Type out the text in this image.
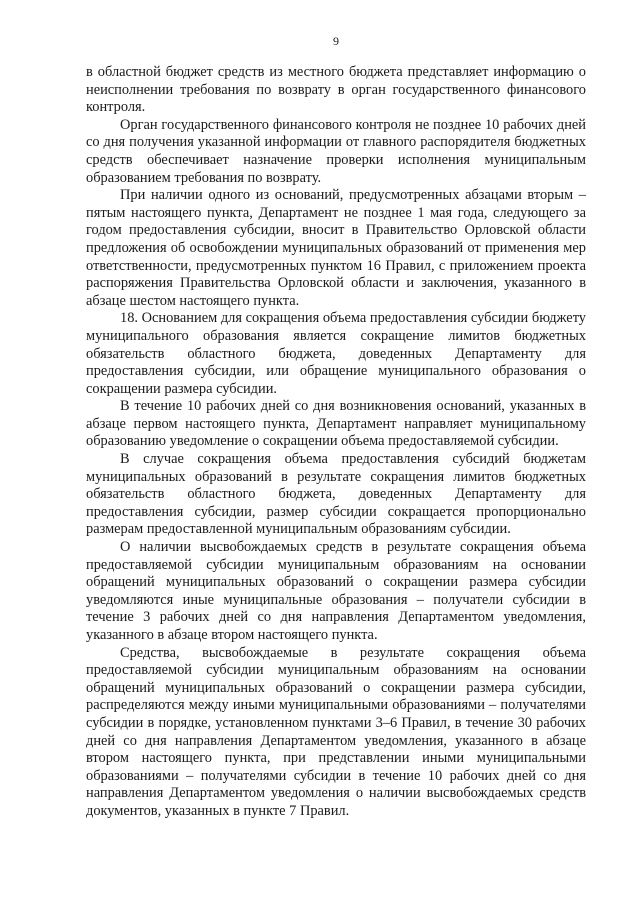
9

в областной бюджет средств из местного бюджета представляет информацию о неисполнении требования по возврату в орган государственного финансового контроля.

Орган государственного финансового контроля не позднее 10 рабочих дней со дня получения указанной информации от главного распорядителя бюджетных средств обеспечивает назначение проверки исполнения муниципальным образованием требования по возврату.

При наличии одного из оснований, предусмотренных абзацами вторым – пятым настоящего пункта, Департамент не позднее 1 мая года, следующего за годом предоставления субсидии, вносит в Правительство Орловской области предложения об освобождении муниципальных образований от применения мер ответственности, предусмотренных пунктом 16 Правил, с приложением проекта распоряжения Правительства Орловской области и заключения, указанного в абзаце шестом настоящего пункта.

18. Основанием для сокращения объема предоставления субсидии бюджету муниципального образования является сокращение лимитов бюджетных обязательств областного бюджета, доведенных Департаменту для предоставления субсидии, или обращение муниципального образования о сокращении размера субсидии.

В течение 10 рабочих дней со дня возникновения оснований, указанных в абзаце первом настоящего пункта, Департамент направляет муниципальному образованию уведомление о сокращении объема предоставляемой субсидии.

В случае сокращения объема предоставления субсидий бюджетам муниципальных образований в результате сокращения лимитов бюджетных обязательств областного бюджета, доведенных Департаменту для предоставления субсидии, размер субсидии сокращается пропорционально размерам предоставленной муниципальным образованиям субсидии.

О наличии высвобождаемых средств в результате сокращения объема предоставляемой субсидии муниципальным образованиям на основании обращений муниципальных образований о сокращении размера субсидии уведомляются иные муниципальные образования – получатели субсидии в течение 3 рабочих дней со дня направления Департаментом уведомления, указанного в абзаце втором настоящего пункта.

Средства, высвобождаемые в результате сокращения объема предоставляемой субсидии муниципальным образованиям на основании обращений муниципальных образований о сокращении размера субсидии, распределяются между иными муниципальными образованиями – получателями субсидии в порядке, установленном пунктами 3–6 Правил, в течение 30 рабочих дней со дня направления Департаментом уведомления, указанного в абзаце втором настоящего пункта, при представлении иными муниципальными образованиями – получателями субсидии в течение 10 рабочих дней со дня направления Департаментом уведомления о наличии высвобождаемых средств документов, указанных в пункте 7 Правил.
